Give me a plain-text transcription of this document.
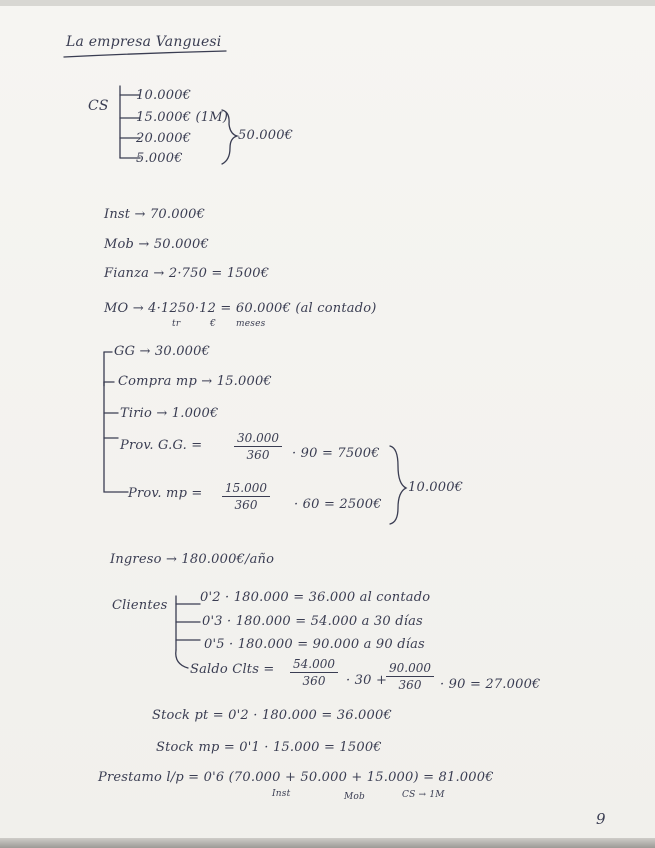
La empresa Vanguesi
CS
10.000€
15.000€ (1M)
20.000€
5.000€
50.000€
Inst → 70.000€
Mob → 50.000€
Fianza → 2·750 = 1500€
MO → 4·1250·12 = 60.000€ (al contado)
tr	€ meses
GG → 30.000€
Compra mp → 15.000€
Tirio → 1.000€
Prov. G.G. =	$\frac{30.000}{360} \cdot 90$ = 7500€
Prov. mp = $\frac{15.000}{360} \cdot 60$ = 2500€
10.000€
Ingreso → 180.000€/año
Clientes
0'2 · 180.000 = 36.000 al contado
0'3 · 180.000 = 54.000 a 30 días
0'5 · 180.000 = 90.000 a 90 días
Saldo Clts = $\frac{54.000}{360} \cdot 30$ +
$\frac{90.000}{360} \cdot 90$ = 27.000€
Stock pt = 0'2 · 180.000 = 36.000€
Stock mp = 0'1 · 15.000 = 1500€
Prestamo l/p = 0'6 (70.000 + 50.000 + 15.000) = 81.000€
Inst	Mob	CS → 1M
9
